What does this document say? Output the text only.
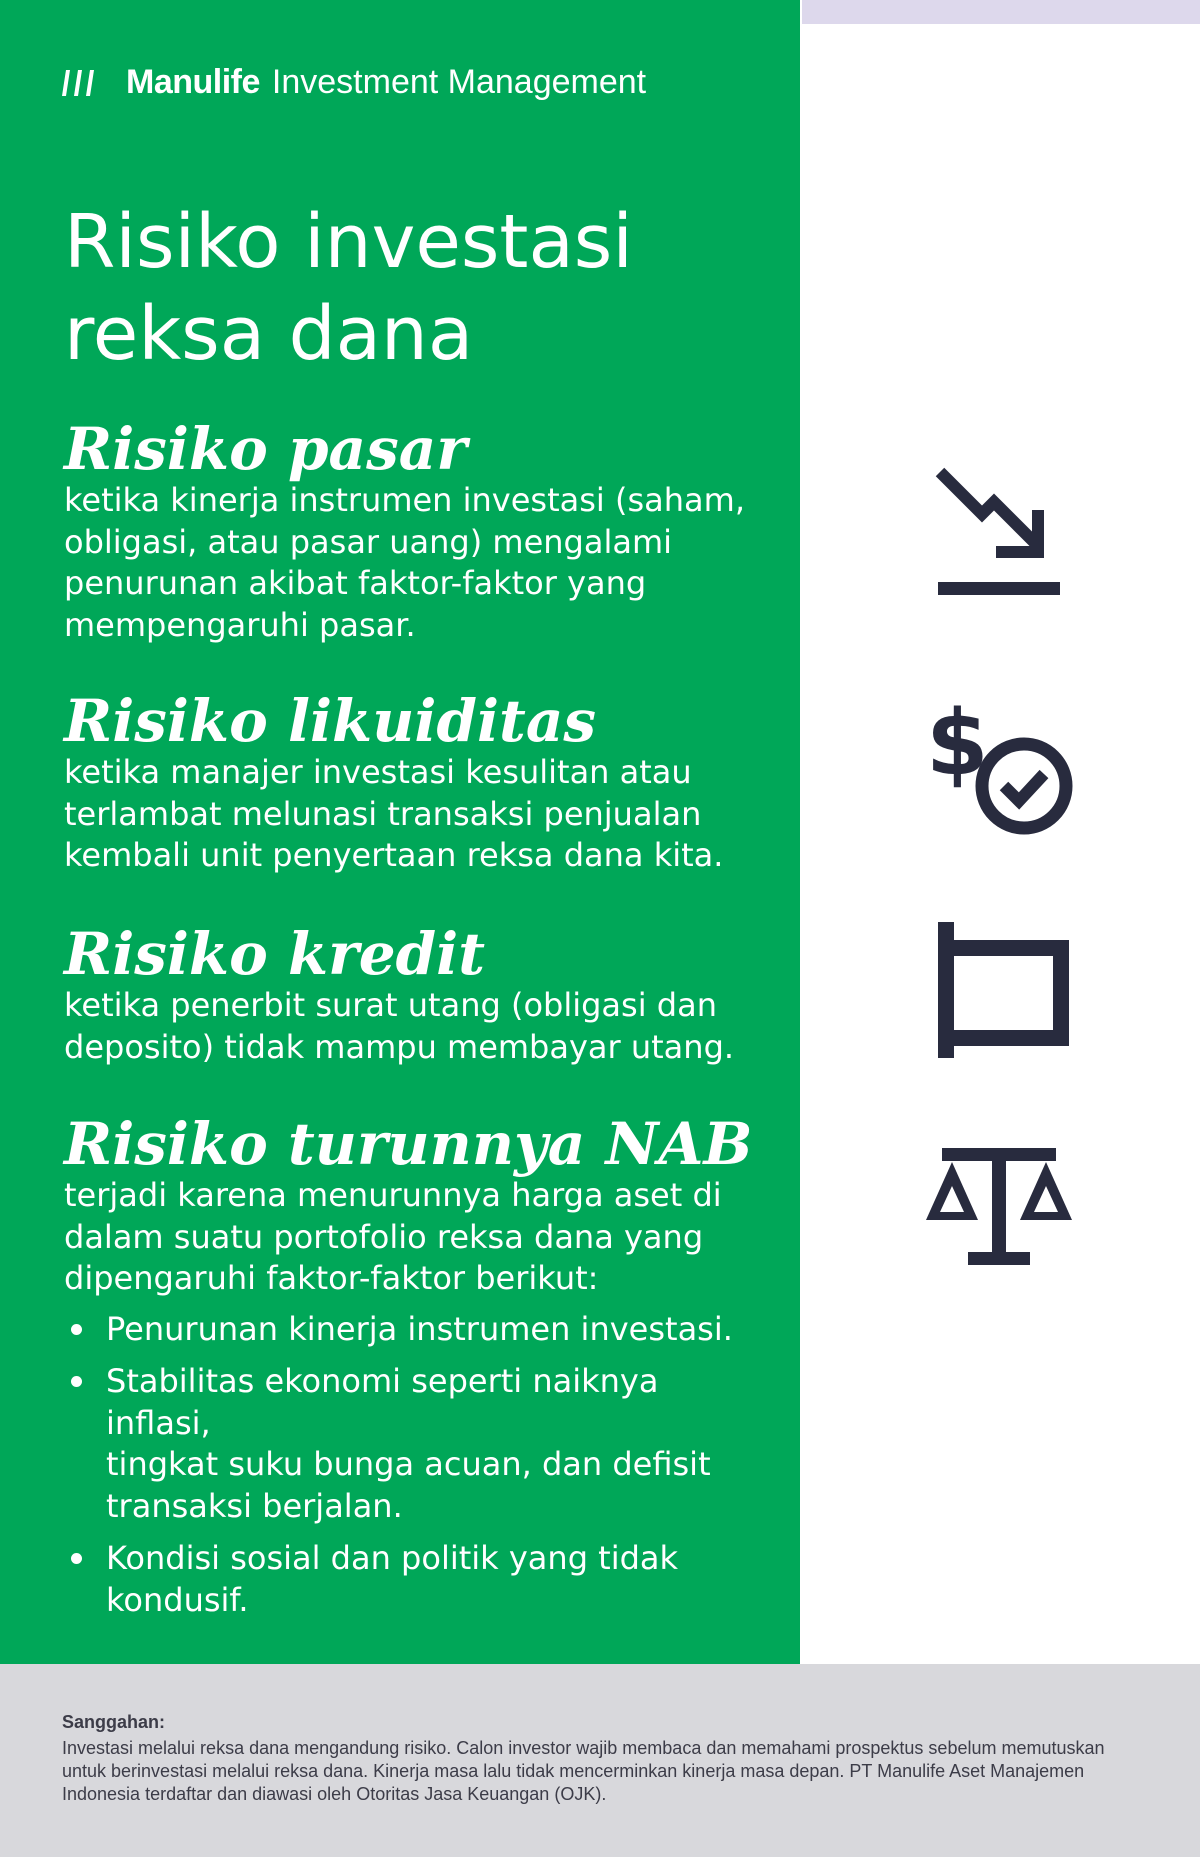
Manulife Investment Management
Risiko investasi
reksa dana
Risiko pasar

ketika kinerja instrumen investasi (saham,
obligasi, atau pasar uang) mengalami
penurunan akibat faktor-faktor yang
mempengaruhi pasar.

Risiko likuiditas

ketika manajer investasi kesulitan atau
terlambat melunasi transaksi penjualan
kembali unit penyertaan reksa dana kita.

Risiko kredit

ketika penerbit surat utang (obligasi dan
deposito) tidak mampu membayar utang.

Risiko turunnya NAB

terjadi karena menurunnya harga aset di
dalam suatu portofolio reksa dana yang
dipengaruhi faktor-faktor berikut:

Penurunan kinerja instrumen investasi.
Stabilitas ekonomi seperti naiknya inflasi,
tingkat suku bunga acuan, dan defisit
transaksi berjalan.
Kondisi sosial dan politik yang tidak
kondusif.
$
Sanggahan:
Investasi melalui reksa dana mengandung risiko. Calon investor wajib membaca dan memahami prospektus sebelum memutuskan
untuk berinvestasi melalui reksa dana. Kinerja masa lalu tidak mencerminkan kinerja masa depan. PT Manulife Aset Manajemen
Indonesia terdaftar dan diawasi oleh Otoritas Jasa Keuangan (OJK).
